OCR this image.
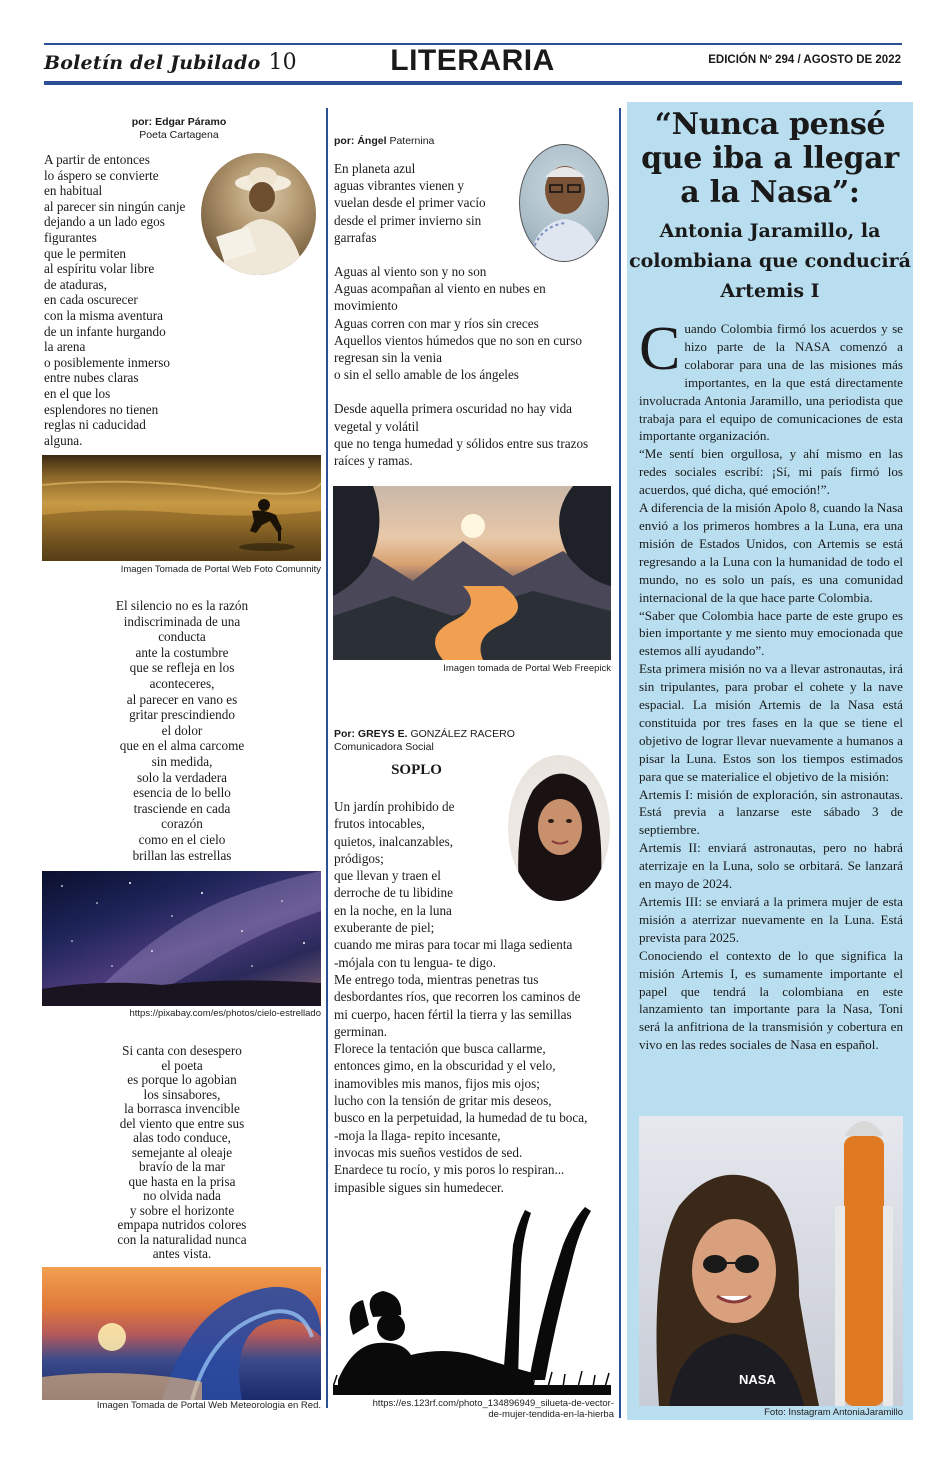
Boletín del Jubilado 10	LITERARIA	EDICIÓN Nº 294 / AGOSTO DE 2022
por: Edgar Páramo
Poeta Cartagena
A partir de entonces
lo áspero se convierte
en habitual
al parecer sin ningún canje
dejando a un lado egos
figurantes
que le permiten
al espíritu volar libre
de ataduras,
en cada oscurecer
con la misma aventura
de un infante hurgando
la arena
o posiblemente inmerso
entre nubes claras
en el que los
esplendores no tienen
reglas ni caducidad
alguna.
Imagen Tomada de Portal Web Foto Comunnity
El silencio no es la razón
indiscriminada de una
conducta
ante la costumbre
que se refleja en los
aconteceres,
al parecer en vano es
gritar prescindiendo
el dolor
que en el alma carcome
sin medida,
solo la verdadera
esencia de lo bello
trasciende en cada
corazón
como en el cielo
brillan las estrellas
https://pixabay.com/es/photos/cielo-estrellado
Si canta con desespero
el poeta
es porque lo agobian
los sinsabores,
la borrasca invencible
del viento que entre sus
alas todo conduce,
semejante al oleaje
bravío de la mar
que hasta en la prisa
no olvida nada
y sobre el horizonte
empapa nutridos colores
con la naturalidad nunca
antes vista.
Imagen Tomada de Portal Web Meteorologia en Red.
por: Ángel Paternina
En planeta azul
aguas vibrantes vienen y
vuelan desde el primer vacío
desde el primer invierno sin
garrafas
Aguas al viento son y no son
Aguas acompañan al viento en nubes en
movimiento
Aguas corren con mar y ríos sin creces
Aquellos vientos húmedos que no son en curso
regresan sin la venia
o sin el sello amable de los ángeles
Desde aquella primera oscuridad no hay vida
vegetal y volátil
que no tenga humedad y sólidos entre sus trazos
raíces y ramas.
Imagen tomada de Portal Web Freepick
Por: GREYS E. GONZÁLEZ RACERO
Comunicadora Social
SOPLO
Un jardín prohibido de
frutos intocables,
quietos, inalcanzables,
pródigos;
que llevan y traen el
derroche de tu libidine
en la noche, en la luna
exuberante de piel;
cuando me miras para tocar mi llaga sedienta
-mójala con tu lengua- te digo.
Me entrego toda, mientras penetras tus
desbordantes ríos, que recorren los caminos de
mi cuerpo, hacen fértil la tierra y las semillas
germinan.
Florece la tentación que busca callarme,
entonces gimo, en la obscuridad y el velo,
inamovibles mis manos, fijos mis ojos;
lucho con la tensión de gritar mis deseos,
busco en la perpetuidad, la humedad de tu boca,
-moja la llaga- repito incesante,
invocas mis sueños vestidos de sed.
Enardece tu rocío, y mis poros lo respiran...
impasible sigues sin humedecer.
https://es.123rf.com/photo_134896949_silueta-de-vector-
de-mujer-tendida-en-la-hierba
“Nunca pensé que iba a llegar a la Nasa”:
Antonia Jaramillo, la colombiana que conducirá Artemis I

Cuando Colombia firmó los acuerdos y se hizo parte de la NASA comenzó a colaborar para una de las misiones más importantes, en la que está directamente involucrada Antonia Jaramillo, una periodista que trabaja para el equipo de comunicaciones de esta importante organización.

“Me sentí bien orgullosa, y ahí mismo en las redes sociales escribí: ¡Sí, mi país firmó los acuerdos, qué dicha, qué emoción!”.

A diferencia de la misión Apolo 8, cuando la Nasa envió a los primeros hombres a la Luna, era una misión de Estados Unidos, con Artemis se está regresando a la Luna con la humanidad de todo el mundo, no es solo un país, es una comunidad internacional de la que hace parte Colombia.

“Saber que Colombia hace parte de este grupo es bien importante y me siento muy emocionada que estemos allí ayudando”.

Esta primera misión no va a llevar astronautas, irá sin tripulantes, para probar el cohete y la nave espacial. La misión Artemis de la Nasa está constituida por tres fases en la que se tiene el objetivo de lograr llevar nuevamente a humanos a pisar la Luna. Estos son los tiempos estimados para que se materialice el objetivo de la misión:

Artemis I: misión de exploración, sin astronautas. Está previa a lanzarse este sábado 3 de septiembre.

Artemis II: enviará astronautas, pero no habrá aterrizaje en la Luna, solo se orbitará. Se lanzará en mayo de 2024.

Artemis III: se enviará a la primera mujer de esta misión a aterrizar nuevamente en la Luna. Está prevista para 2025.

Conociendo el contexto de lo que significa la misión Artemis I, es sumamente importante el papel que tendrá la colombiana en este lanzamiento tan importante para la Nasa, Toni será la anfitriona de la transmisión y cobertura en vivo en las redes sociales de Nasa en español.

NASA
Foto: Instagram AntoniaJaramillo
